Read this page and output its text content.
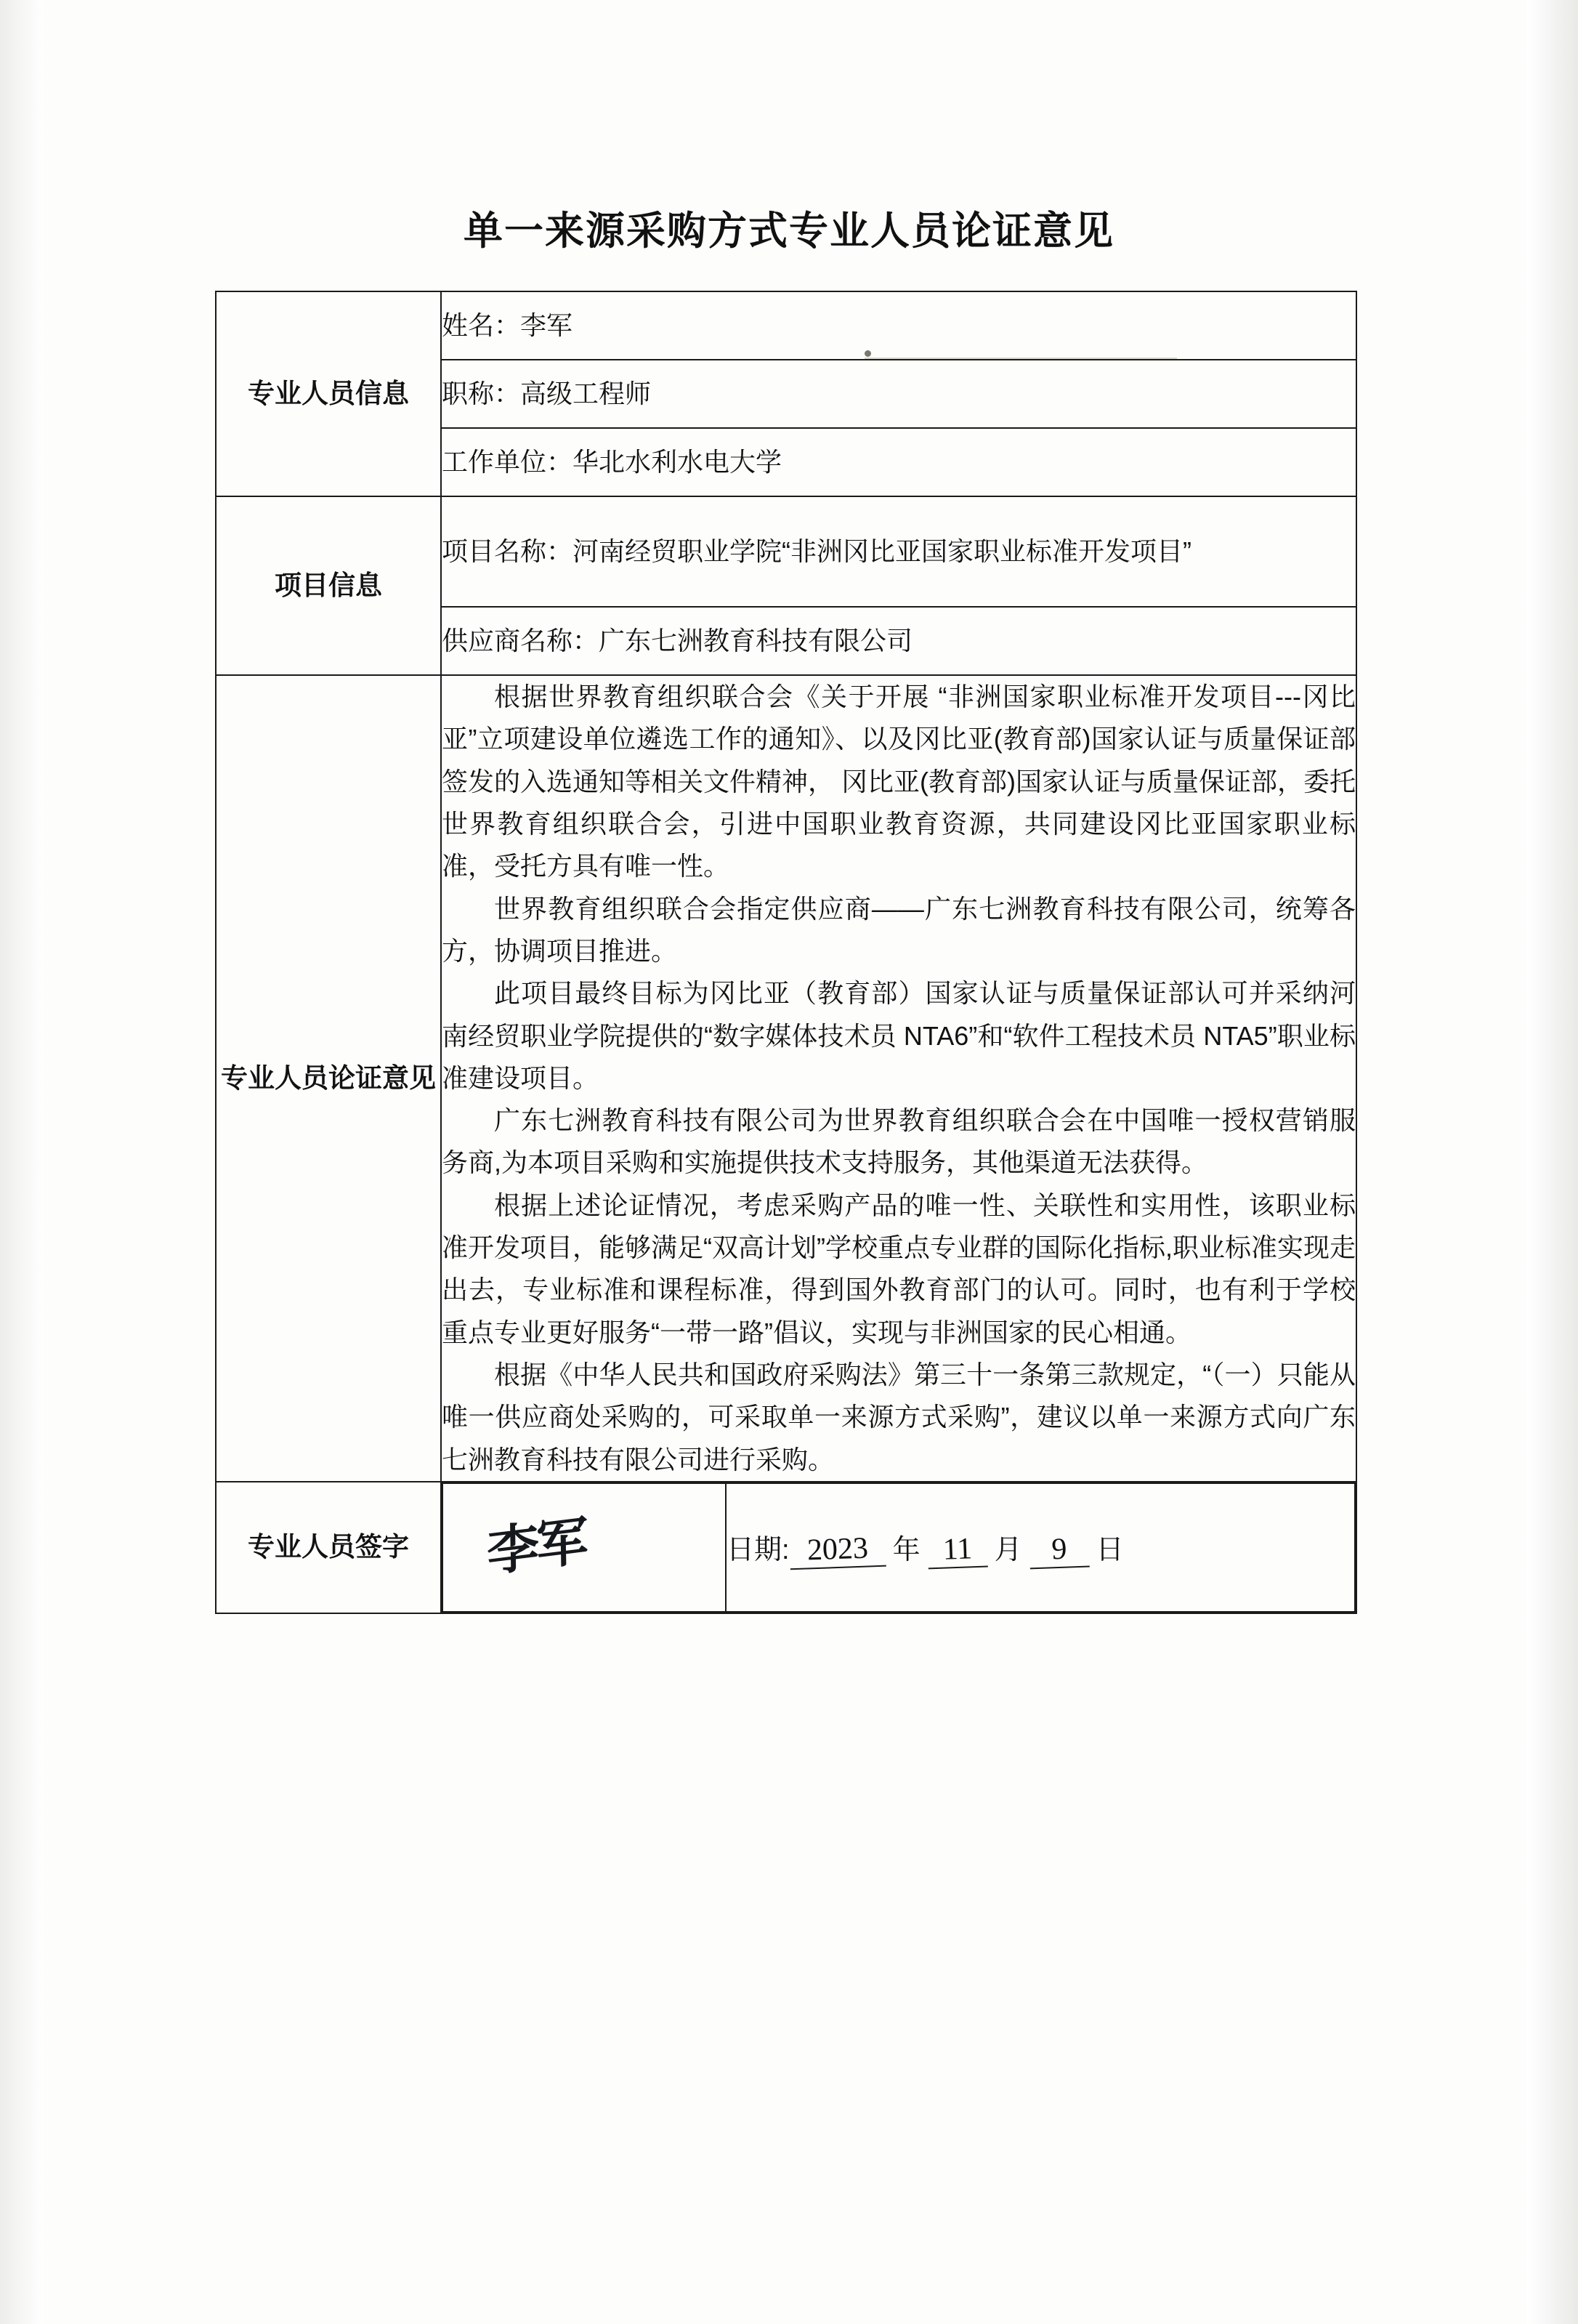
单一来源采购方式专业人员论证意见
专业人员信息	姓名：李军
职称：高级工程师
工作单位：华北水利水电大学
项目信息	项目名称：河南经贸职业学院“非洲冈比亚国家职业标准开发项目”
供应商名称：广东七洲教育科技有限公司
专业人员论证意见	

根据世界教育组织联合会《关于开展 “非洲国家职业标准开发项目---冈比亚”立项建设单位遴选工作的通知》、以及冈比亚(教育部)国家认证与质量保证部签发的入选通知等相关文件精神， 冈比亚(教育部)国家认证与质量保证部，委托世界教育组织联合会，引进中国职业教育资源，共同建设冈比亚国家职业标准，受托方具有唯一性。

世界教育组织联合会指定供应商——广东七洲教育科技有限公司，统筹各方，协调项目推进。

此项目最终目标为冈比亚（教育部）国家认证与质量保证部认可并采纳河南经贸职业学院提供的“数字媒体技术员 NTA6”和“软件工程技术员 NTA5”职业标准建设项目。

广东七洲教育科技有限公司为世界教育组织联合会在中国唯一授权营销服务商,为本项目采购和实施提供技术支持服务，其他渠道无法获得。

根据上述论证情况，考虑采购产品的唯一性、关联性和实用性，该职业标准开发项目，能够满足“双高计划”学校重点专业群的国际化指标,职业标准实现走出去，专业标准和课程标准，得到国外教育部门的认可。同时，也有利于学校重点专业更好服务“一带一路”倡议，实现与非洲国家的民心相通。

根据《中华人民共和国政府采购法》第三十一条第三款规定，“（一）只能从唯一供应商处采购的，可采取单一来源方式采购”，建议以单一来源方式向广东七洲教育科技有限公司进行采购。

专业人员签字	李军	日期: 2023 年 11 月 9 日
